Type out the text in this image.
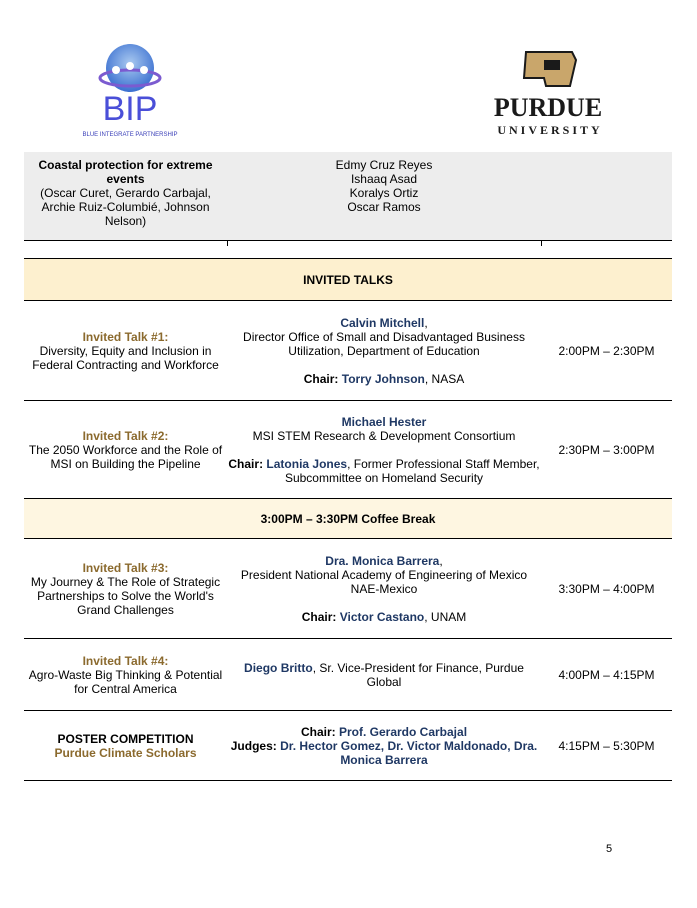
BIP
BLUE INTEGRATE PARTNERSHIP
PURDUE
UNIVERSITY
Coastal protection for extreme events
(Oscar Curet, Gerardo Carbajal, Archie Ruiz-Columbié, Johnson Nelson)
Edmy Cruz Reyes
Ishaaq Asad
Koralys Ortiz
Oscar Ramos
INVITED TALKS
Invited Talk #1:
Diversity, Equity and Inclusion in Federal Contracting and Workforce
Calvin Mitchell,
Director Office of Small and Disadvantaged Business Utilization, Department of Education
Chair: Torry Johnson, NASA
2:00PM – 2:30PM
Invited Talk #2:
The 2050 Workforce and the Role of MSI on Building the Pipeline
Michael Hester
MSI STEM Research & Development Consortium
Chair: Latonia Jones, Former Professional Staff Member, Subcommittee on Homeland Security
2:30PM – 3:00PM
3:00PM – 3:30PM Coffee Break
Invited Talk #3:
My Journey & The Role of Strategic Partnerships to Solve the World's Grand Challenges
Dra. Monica Barrera,
President National Academy of Engineering of Mexico NAE-Mexico
Chair: Victor Castano, UNAM
3:30PM – 4:00PM
Invited Talk #4:
Agro-Waste Big Thinking & Potential for Central America
Diego Britto, Sr. Vice-President for Finance, Purdue Global	4:00PM – 4:15PM
POSTER COMPETITION
Purdue Climate Scholars
Chair: Prof. Gerardo Carbajal
Judges: Dr. Hector Gomez, Dr. Victor Maldonado, Dra. Monica Barrera
4:15PM – 5:30PM
5
